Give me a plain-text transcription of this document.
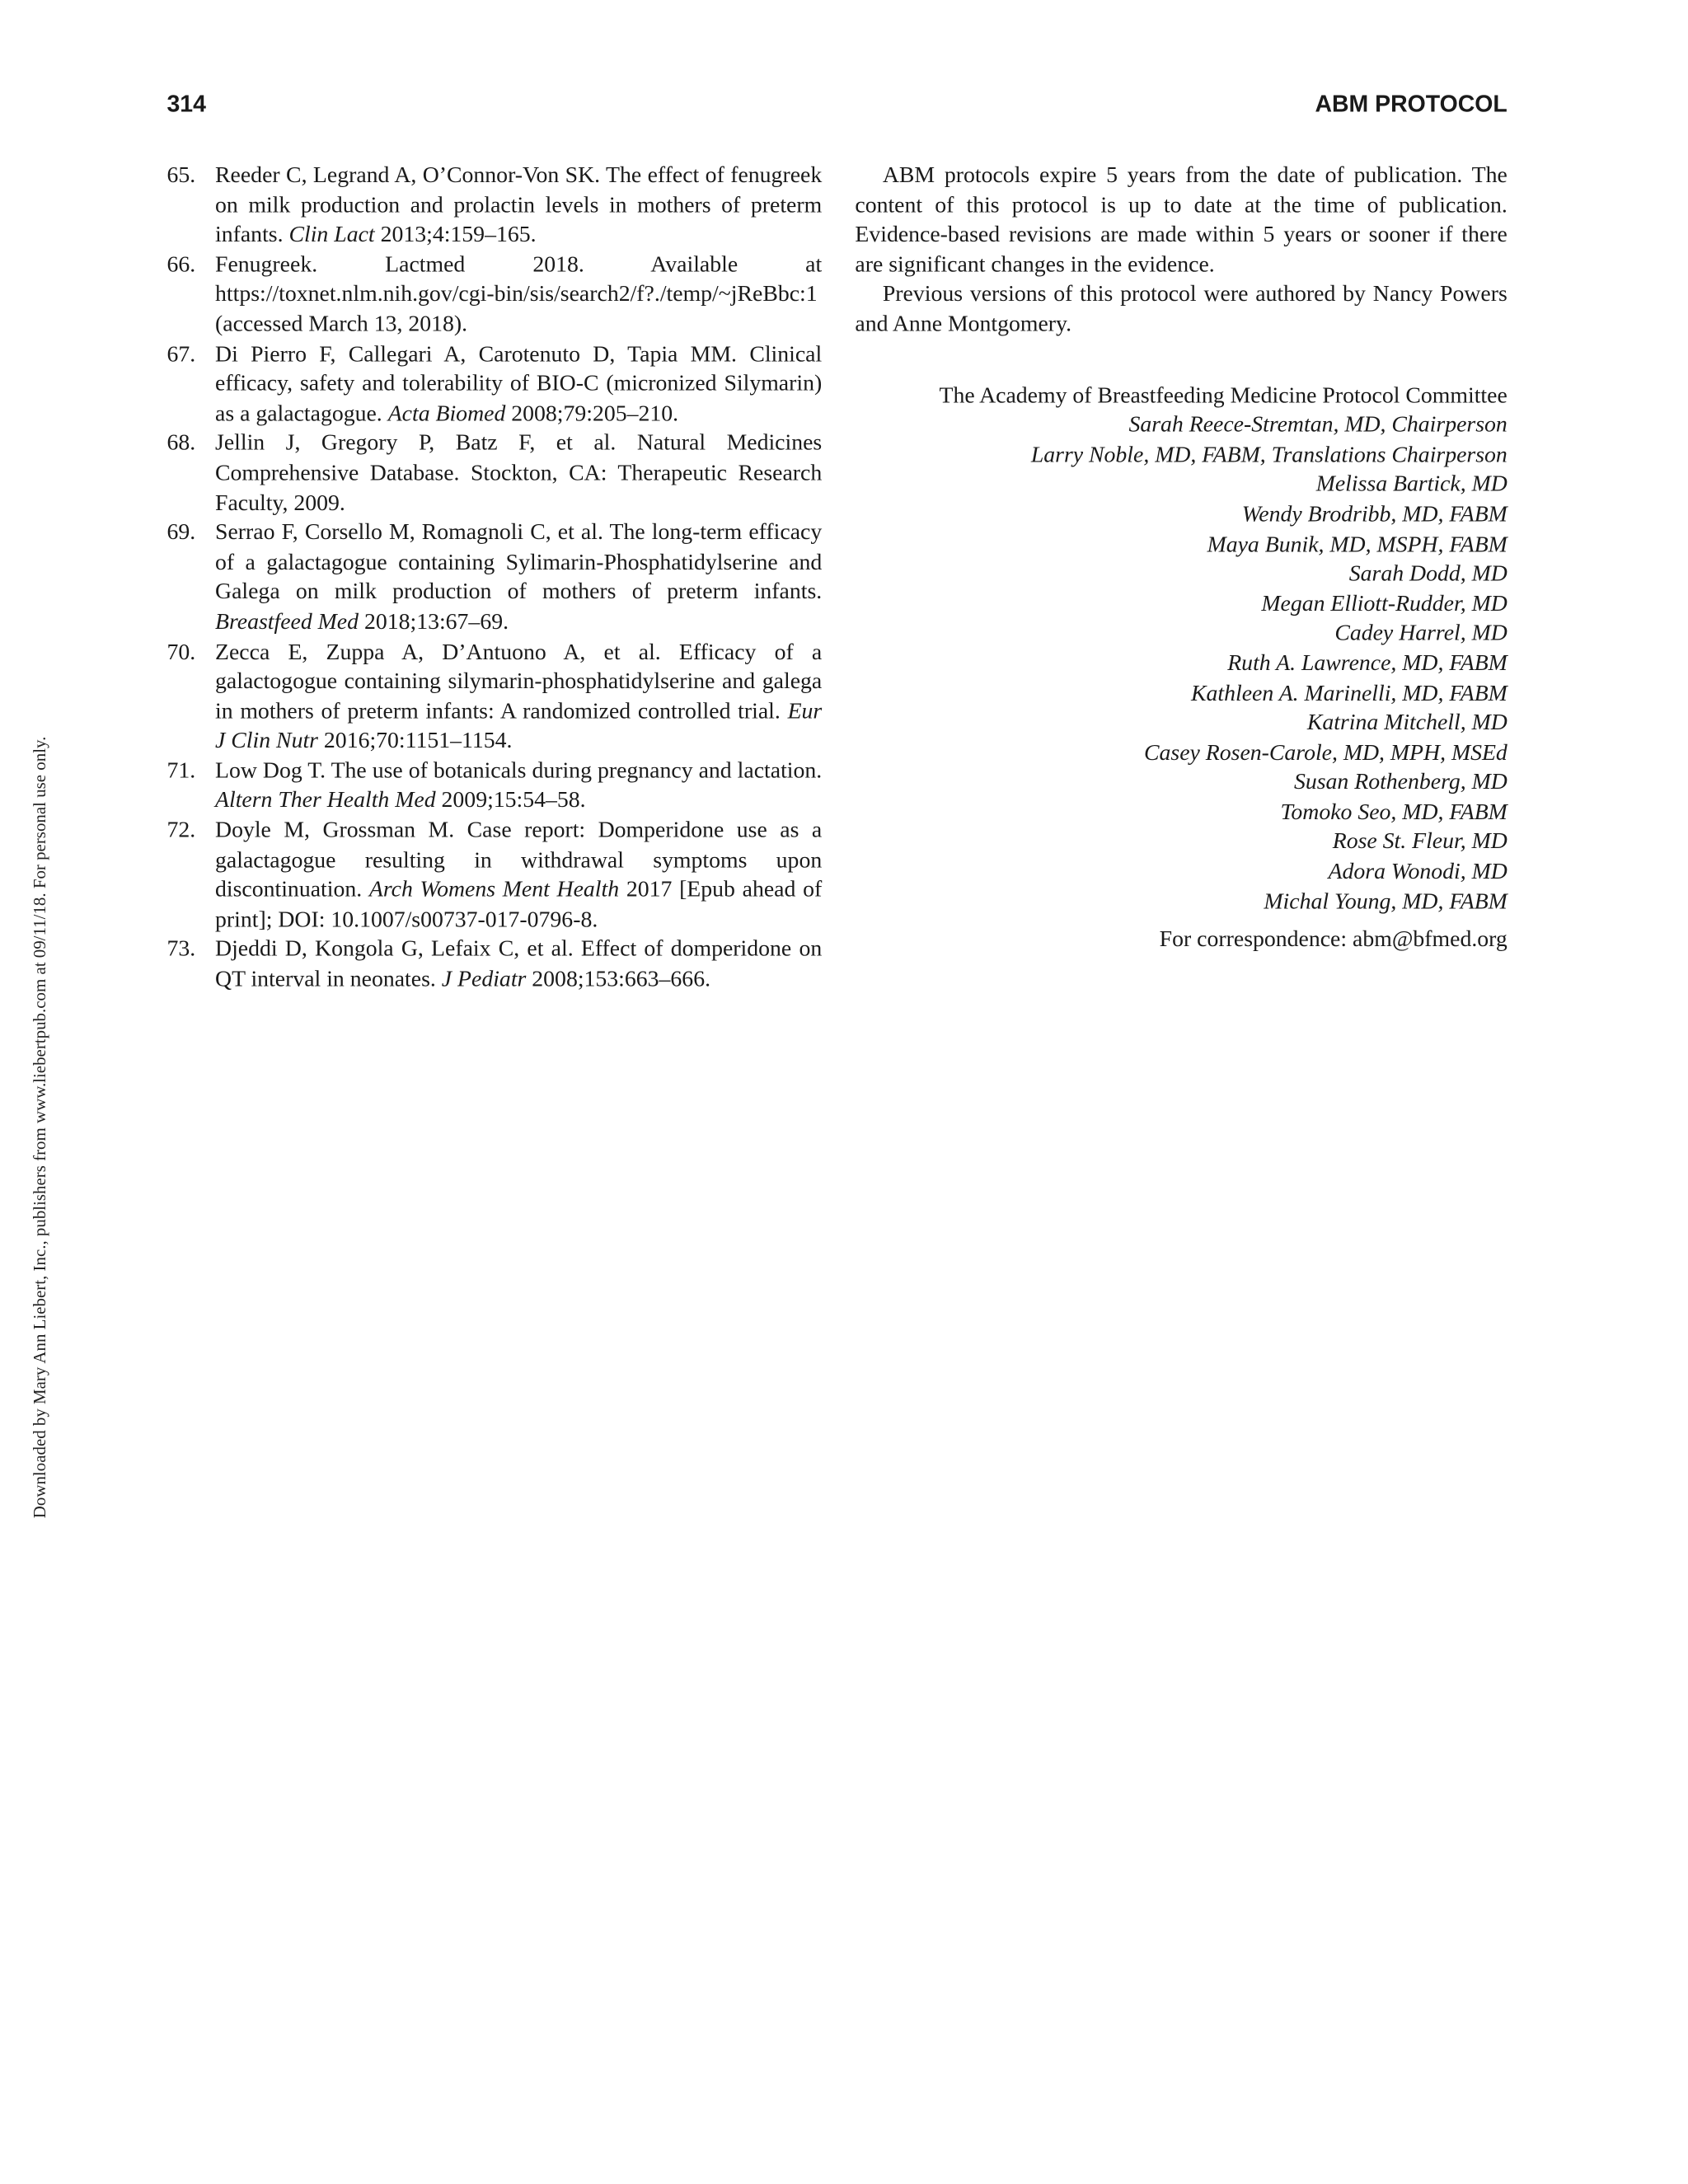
314	ABM PROTOCOL
65. Reeder C, Legrand A, O’Connor-Von SK. The effect of fenugreek on milk production and prolactin levels in mothers of preterm infants. Clin Lact 2013;4:159–165.
66. Fenugreek. Lactmed 2018. Available at https://toxnet.nlm.nih.gov/cgi-bin/sis/search2/f?./temp/~jReBbc:1 (accessed March 13, 2018).
67. Di Pierro F, Callegari A, Carotenuto D, Tapia MM. Clinical efficacy, safety and tolerability of BIO-C (micronized Silymarin) as a galactagogue. Acta Biomed 2008;79:205–210.
68. Jellin J, Gregory P, Batz F, et al. Natural Medicines Comprehensive Database. Stockton, CA: Therapeutic Research Faculty, 2009.
69. Serrao F, Corsello M, Romagnoli C, et al. The long-term efficacy of a galactagogue containing Sylimarin-Phosphatidylserine and Galega on milk production of mothers of preterm infants. Breastfeed Med 2018;13:67–69.
70. Zecca E, Zuppa A, D’Antuono A, et al. Efficacy of a galactogogue containing silymarin-phosphatidylserine and galega in mothers of preterm infants: A randomized controlled trial. Eur J Clin Nutr 2016;70:1151–1154.
71. Low Dog T. The use of botanicals during pregnancy and lactation. Altern Ther Health Med 2009;15:54–58.
72. Doyle M, Grossman M. Case report: Domperidone use as a galactagogue resulting in withdrawal symptoms upon discontinuation. Arch Womens Ment Health 2017 [Epub ahead of print]; DOI: 10.1007/s00737-017-0796-8.
73. Djeddi D, Kongola G, Lefaix C, et al. Effect of domperidone on QT interval in neonates. J Pediatr 2008;153:663–666.

ABM protocols expire 5 years from the date of publication. The content of this protocol is up to date at the time of publication. Evidence-based revisions are made within 5 years or sooner if there are significant changes in the evidence.

Previous versions of this protocol were authored by Nancy Powers and Anne Montgomery.

The Academy of Breastfeeding Medicine Protocol Committee
Sarah Reece-Stremtan, MD, Chairperson
Larry Noble, MD, FABM, Translations Chairperson
Melissa Bartick, MD
Wendy Brodribb, MD, FABM
Maya Bunik, MD, MSPH, FABM
Sarah Dodd, MD
Megan Elliott-Rudder, MD
Cadey Harrel, MD
Ruth A. Lawrence, MD, FABM
Kathleen A. Marinelli, MD, FABM
Katrina Mitchell, MD
Casey Rosen-Carole, MD, MPH, MSEd
Susan Rothenberg, MD
Tomoko Seo, MD, FABM
Rose St. Fleur, MD
Adora Wonodi, MD
Michal Young, MD, FABM
For correspondence: abm@bfmed.org
Downloaded by Mary Ann Liebert, Inc., publishers from www.liebertpub.com at 09/11/18. For personal use only.
